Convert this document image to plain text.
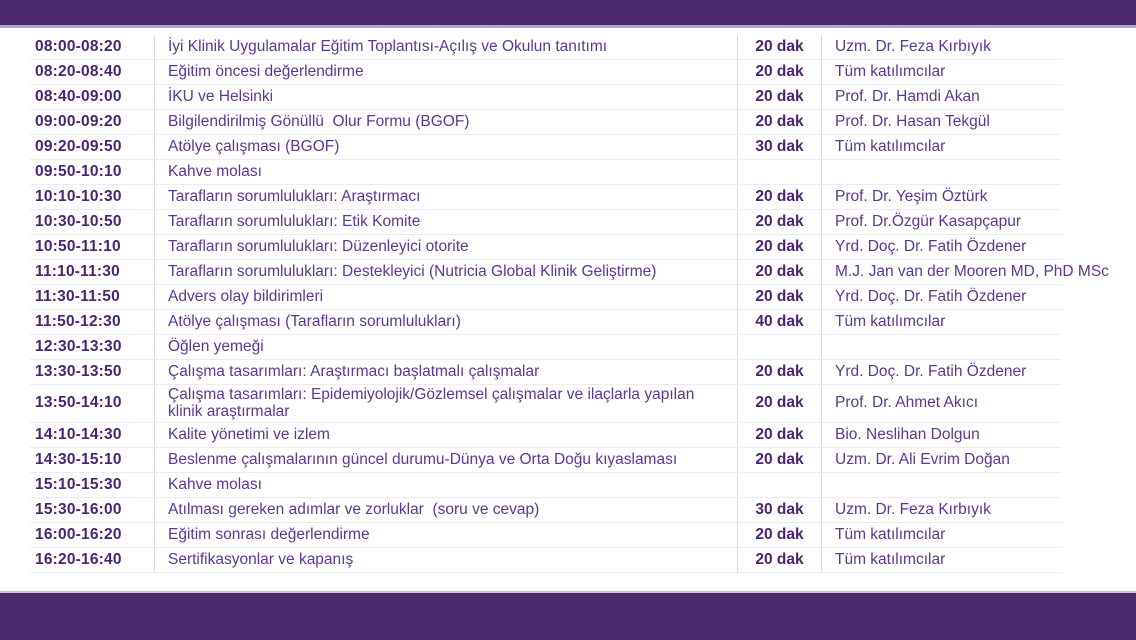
08:00-08:20	İyi Klinik Uygulamalar Eğitim Toplantısı-Açılış ve Okulun tanıtımı	20 dak	Uzm. Dr. Feza Kırbıyık
08:20-08:40	Eğitim öncesi değerlendirme	20 dak	Tüm katılımcılar
08:40-09:00	İKU ve Helsinki	20 dak	Prof. Dr. Hamdi Akan
09:00-09:20	Bilgilendirilmiş Gönüllü  Olur Formu (BGOF)	20 dak	Prof. Dr. Hasan Tekgül
09:20-09:50	Atölye çalışması (BGOF)	30 dak	Tüm katılımcılar
09:50-10:10	Kahve molası
10:10-10:30	Tarafların sorumlulukları: Araştırmacı	20 dak	Prof. Dr. Yeşim Öztürk
10:30-10:50	Tarafların sorumlulukları: Etik Komite	20 dak	Prof. Dr.Özgür Kasapçapur
10:50-11:10	Tarafların sorumlulukları: Düzenleyici otorite	20 dak	Yrd. Doç. Dr. Fatih Özdener
11:10-11:30	Tarafların sorumlulukları: Destekleyici (Nutricia Global Klinik Geliştirme)	20 dak	M.J. Jan van der Mooren MD, PhD MSc
11:30-11:50	Advers olay bildirimleri	20 dak	Yrd. Doç. Dr. Fatih Özdener
11:50-12:30	Atölye çalışması (Tarafların sorumlulukları)	40 dak	Tüm katılımcılar
12:30-13:30	Öğlen yemeği
13:30-13:50	Çalışma tasarımları: Araştırmacı başlatmalı çalışmalar	20 dak	Yrd. Doç. Dr. Fatih Özdener
13:50-14:10	Çalışma tasarımları: Epidemiyolojik/Gözlemsel çalışmalar ve ilaçlarla yapılan klinik araştırmalar	20 dak	Prof. Dr. Ahmet Akıcı
14:10-14:30	Kalite yönetimi ve izlem	20 dak	Bio. Neslihan Dolgun
14:30-15:10	Beslenme çalışmalarının güncel durumu-Dünya ve Orta Doğu kıyaslaması	20 dak	Uzm. Dr. Ali Evrim Doğan
15:10-15:30	Kahve molası
15:30-16:00	Atılması gereken adımlar ve zorluklar  (soru ve cevap)	30 dak	Uzm. Dr. Feza Kırbıyık
16:00-16:20	Eğitim sonrası değerlendirme	20 dak	Tüm katılımcılar
16:20-16:40	Sertifikasyonlar ve kapanış	20 dak	Tüm katılımcılar
